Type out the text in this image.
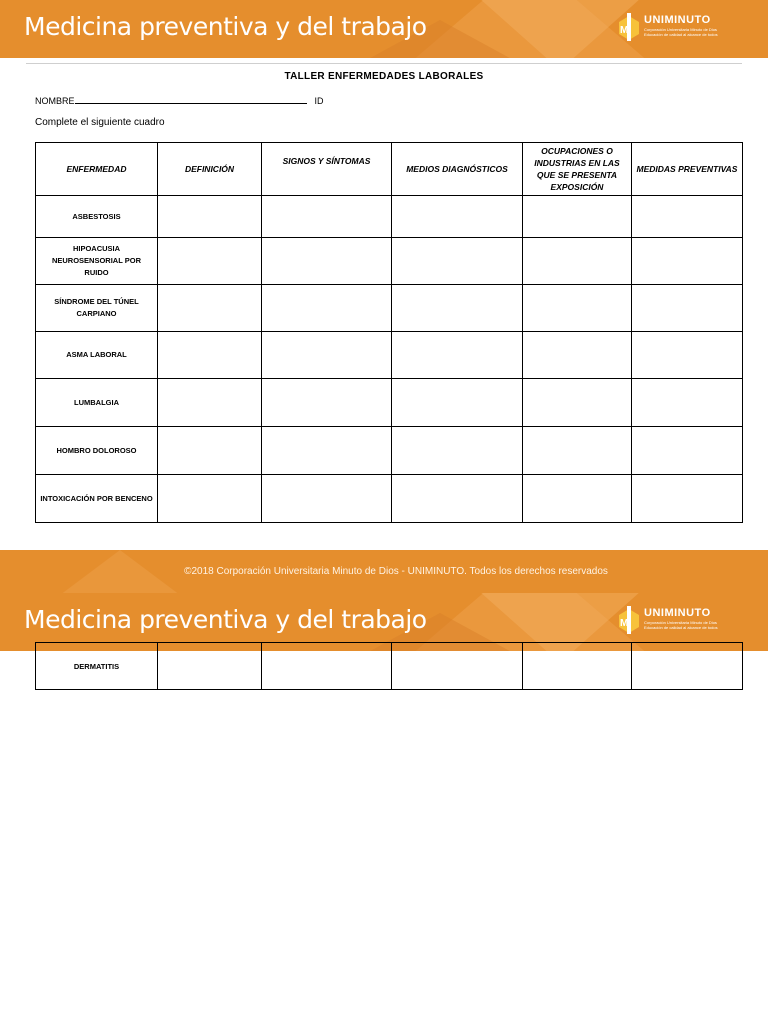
Medicina preventiva y del trabajo	M
UNIMINUTO
Corporación Universitaria Minuto de Dios
Educación de calidad al alcance de todos
TALLER ENFERMEDADES LABORALES
NOMBRE	ID
Complete el siguiente cuadro
ENFERMEDAD	DEFINICIÓN	SIGNOS Y SÍNTOMAS	MEDIOS DIAGNÓSTICOS	OCUPACIONES O INDUSTRIAS EN LAS QUE SE PRESENTA EXPOSICIÓN	MEDIDAS PREVENTIVAS
ASBESTOSIS					
HIPOACUSIA NEUROSENSORIAL POR RUIDO					
SÍNDROME DEL TÚNEL CARPIANO					
ASMA LABORAL					
LUMBALGIA					
HOMBRO DOLOROSO					
INTOXICACIÓN POR BENCENO					
©2018 Corporación Universitaria Minuto de Dios - UNIMINUTO. Todos los derechos reservados
Medicina preventiva y del trabajo	M
UNIMINUTO
Corporación Universitaria Minuto de Dios
Educación de calidad al alcance de todos
DERMATITIS					
